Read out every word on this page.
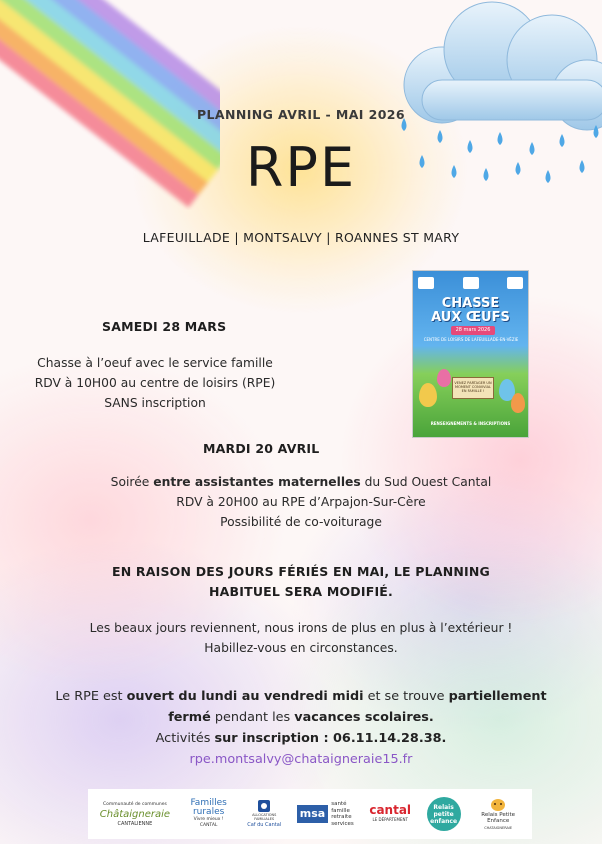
PLANNING AVRIL - MAI 2026
RPE
LAFEUILLADE | MONTSALVY | ROANNES ST MARY
CHASSE
AUX ŒUFS
28 mars 2026
CENTRE DE LOISIRS DE LAFEUILLADE-EN-VÉZIE
VENEZ PARTAGER UN MOMENT CONVIVIAL EN FAMILLE !
RENSEIGNEMENTS & INSCRIPTIONS
SAMEDI 28 MARS
Chasse à l’oeuf avec le service famille
RDV à 10H00 au centre de loisirs (RPE)
SANS inscription
MARDI 20 AVRIL
Soirée entre assistantes maternelles du Sud Ouest Cantal
RDV à 20H00 au RPE d’Arpajon-Sur-Cère
Possibilité de co-voiturage
EN RAISON DES JOURS FÉRIÉS EN MAI, LE PLANNING
HABITUEL SERA MODIFIÉ.
Les beaux jours reviennent, nous irons de plus en plus à l’extérieur !
Habillez-vous en circonstances.
Le RPE est ouvert du lundi au vendredi midi et se trouve partiellement
fermé pendant les vacances scolaires.
Activités sur inscription : 06.11.14.28.38.
rpe.montsalvy@chataigneraie15.fr
Communauté de communes
Châtaigneraie
CANTALIENNE
Familles rurales
Vivre mieux ! CANTAL
ALLOCATIONS FAMILIALES
Caf du Cantal
msa
santé
famille
retraite
services
cantal
LE DÉPARTEMENT
Relais petite enfance
Relais Petite Enfance
CHATAIGNERAIE
